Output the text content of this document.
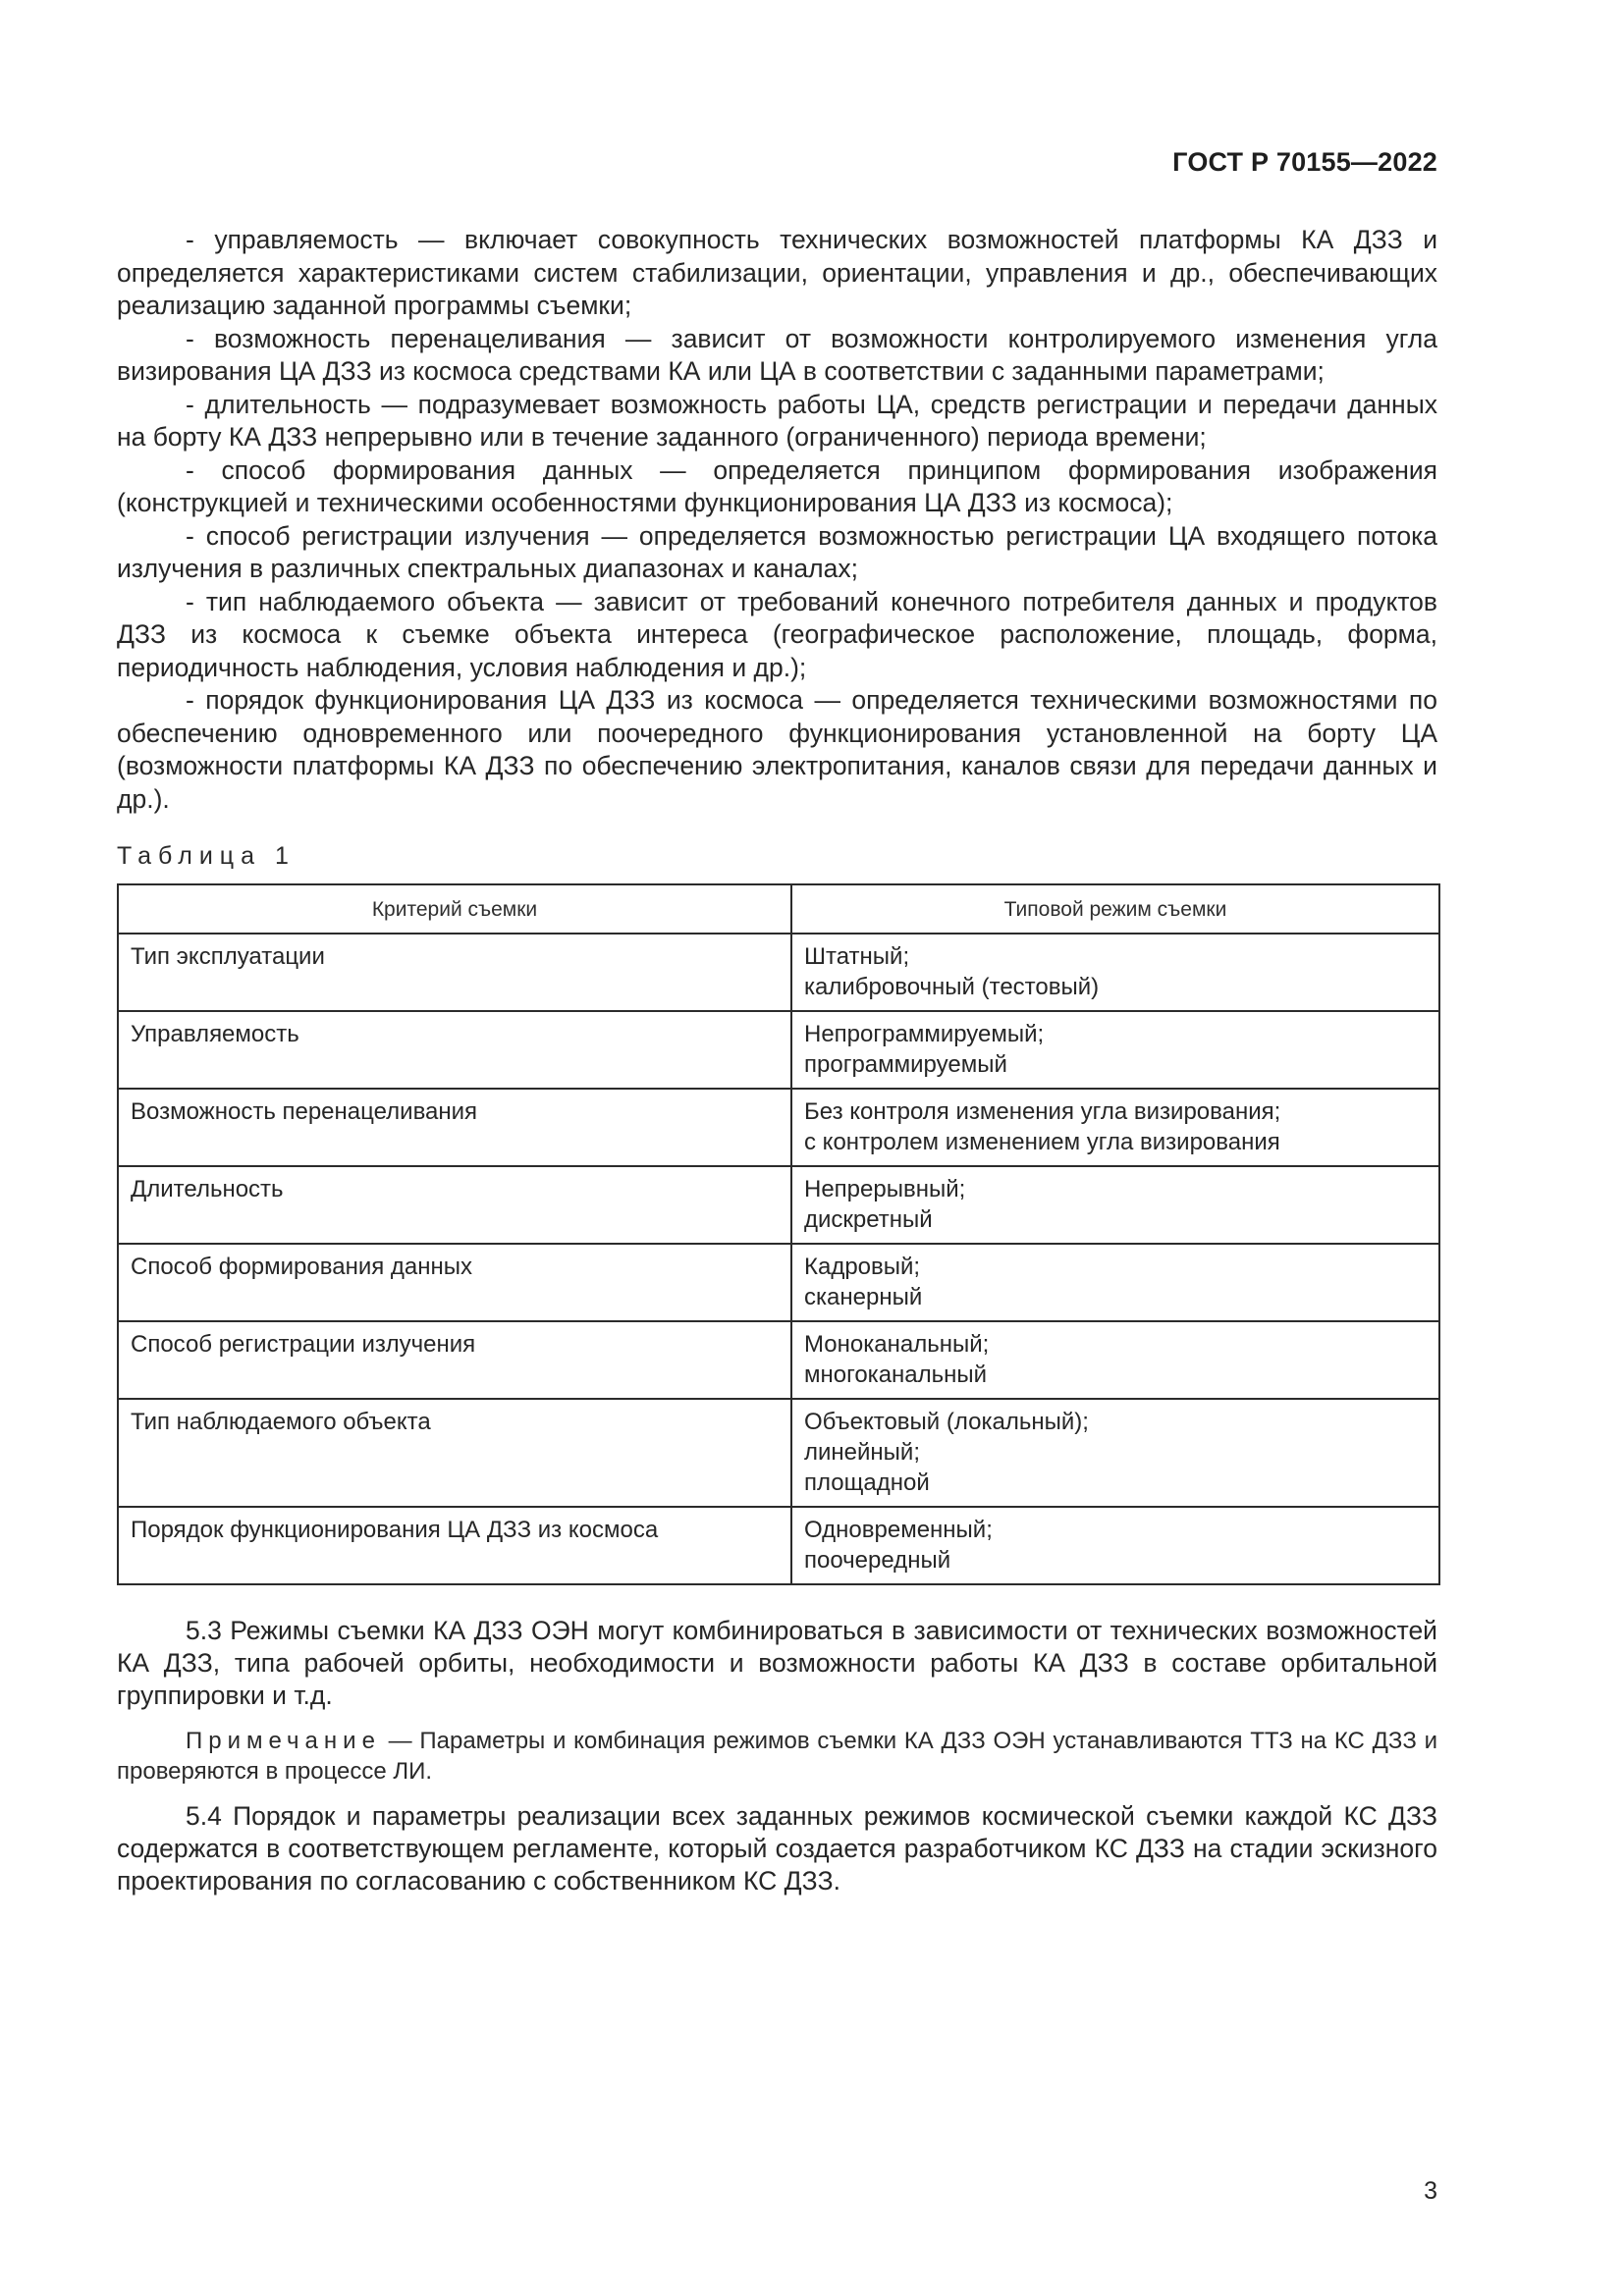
ГОСТ Р 70155—2022

- управляемость — включает совокупность технических возможностей платформы КА ДЗЗ и определяется характеристиками систем стабилизации, ориентации, управления и др., обеспечивающих реализацию заданной программы съемки;

- возможность перенацеливания — зависит от возможности контролируемого изменения угла визирования ЦА ДЗЗ из космоса средствами КА или ЦА в соответствии с заданными параметрами;

- длительность — подразумевает возможность работы ЦА, средств регистрации и передачи данных на борту КА ДЗЗ непрерывно или в течение заданного (ограниченного) периода времени;

- способ формирования данных — определяется принципом формирования изображения (конструкцией и техническими особенностями функционирования ЦА ДЗЗ из космоса);

- способ регистрации излучения — определяется возможностью регистрации ЦА входящего потока излучения в различных спектральных диапазонах и каналах;

- тип наблюдаемого объекта — зависит от требований конечного потребителя данных и продуктов ДЗЗ из космоса к съемке объекта интереса (географическое расположение, площадь, форма, периодичность наблюдения, условия наблюдения и др.);

- порядок функционирования ЦА ДЗЗ из космоса — определяется техническими возможностями по обеспечению одновременного или поочередного функционирования установленной на борту ЦА (возможности платформы КА ДЗЗ по обеспечению электропитания, каналов связи для передачи данных и др.).

Таблица 1
Критерий съемки	Типовой режим съемки
Тип эксплуатации	Штатный;
калибровочный (тестовый)

Управляемость	Непрограммируемый;
программируемый

Возможность перенацеливания	Без контроля изменения угла визирования;
с контролем изменением угла визирования

Длительность	Непрерывный;
дискретный

Способ формирования данных	Кадровый;
сканерный

Способ регистрации излучения	Моноканальный;
многоканальный

Тип наблюдаемого объекта	Объектовый (локальный);
линейный;
площадной

Порядок функционирования ЦА ДЗЗ из космоса	Одновременный;
поочередный

5.3 Режимы съемки КА ДЗЗ ОЭН могут комбинироваться в зависимости от технических возможностей КА ДЗЗ, типа рабочей орбиты, необходимости и возможности работы КА ДЗЗ в составе орбитальной группировки и т.д.

Примечание — Параметры и комбинация режимов съемки КА ДЗЗ ОЭН устанавливаются ТТЗ на КС ДЗЗ и проверяются в процессе ЛИ.

5.4 Порядок и параметры реализации всех заданных режимов космической съемки каждой КС ДЗЗ содержатся в соответствующем регламенте, который создается разработчиком КС ДЗЗ на стадии эскизного проектирования по согласованию с собственником КС ДЗЗ.

3
